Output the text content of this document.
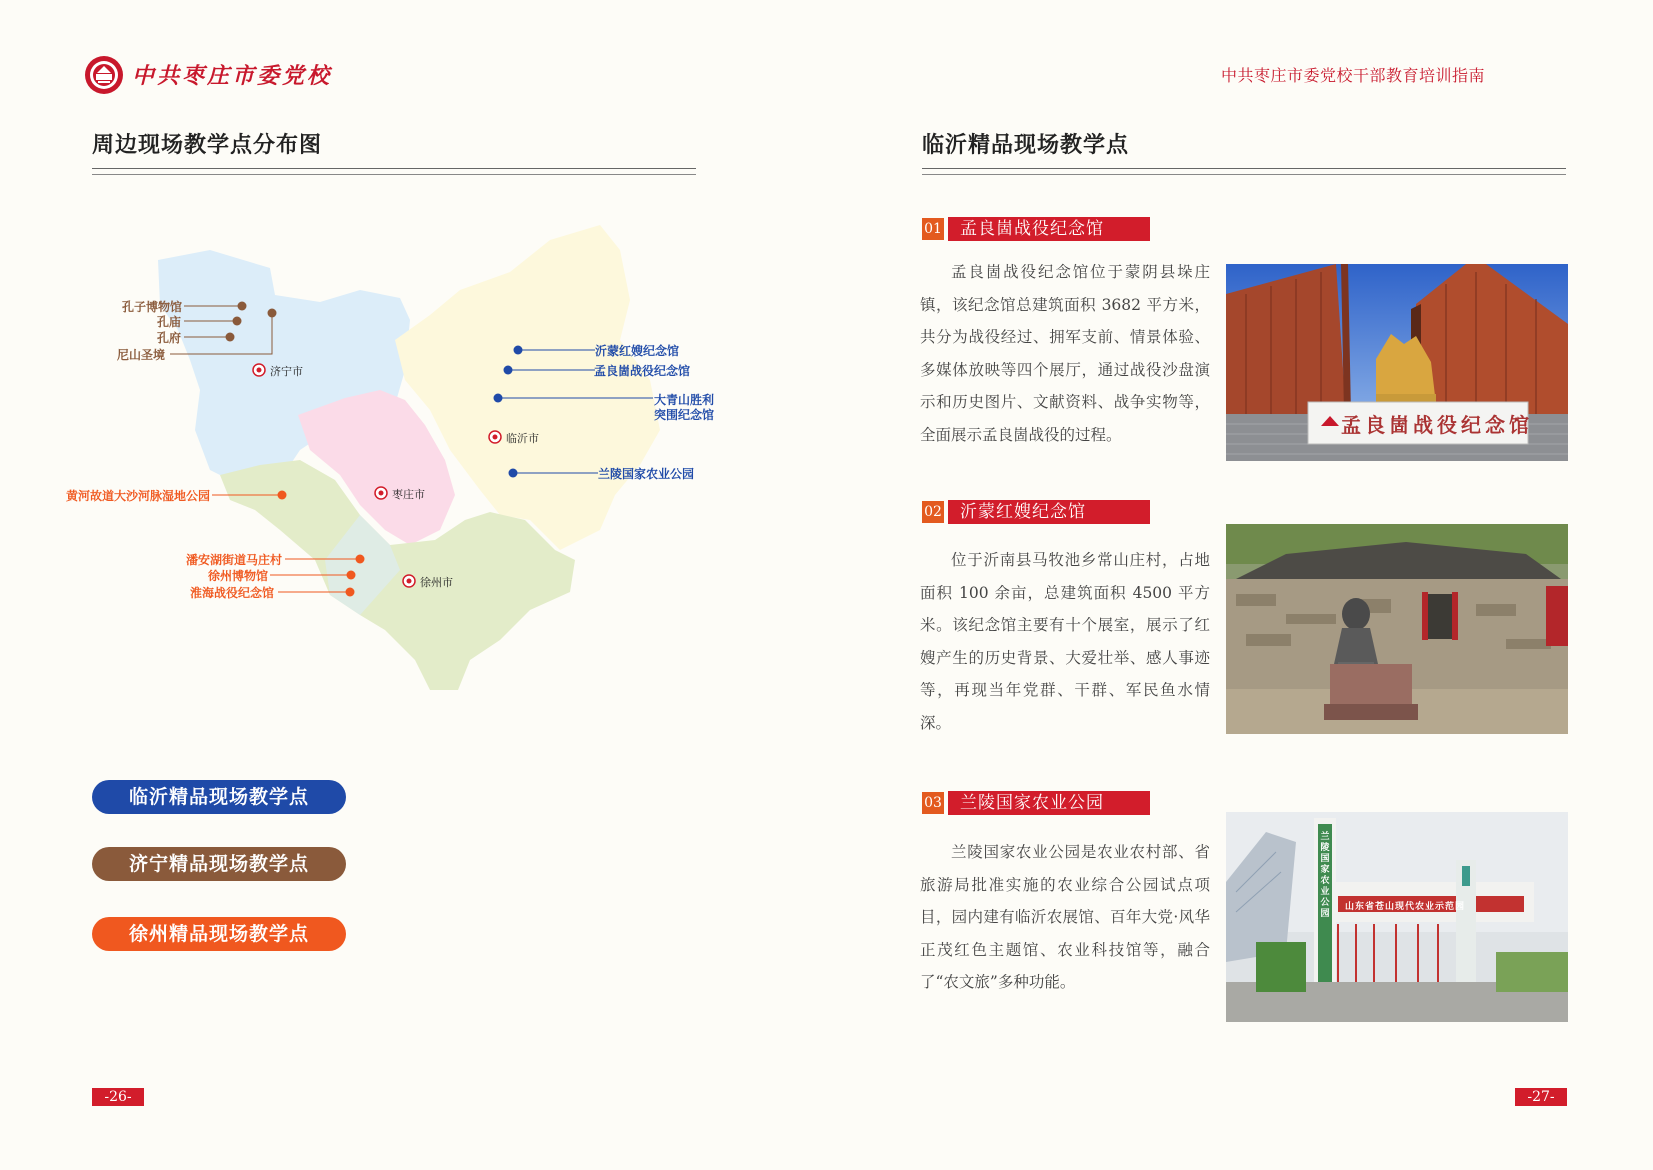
中共枣庄市委党校	中共枣庄市委党校干部教育培训指南
周边现场教学点分布图
济宁市
临沂市
枣庄市
徐州市
孔子博物馆
孔庙
孔府
尼山圣境	沂蒙红嫂纪念馆
孟良崮战役纪念馆
大青山胜利
突围纪念馆
兰陵国家农业公园
黄河故道大沙河脉湿地公园
潘安湖街道马庄村
徐州博物馆
淮海战役纪念馆
临沂精品现场教学点
济宁精品现场教学点
徐州精品现场教学点
-26-
临沂精品现场教学点
01	孟良崮战役纪念馆
孟良崮战役纪念馆位于蒙阴县垛庄镇，该纪念馆总建筑面积 3682 平方米，共分为战役经过、拥军支前、情景体验、多媒体放映等四个展厅，通过战役沙盘演示和历史图片、文献资料、战争实物等，全面展示孟良崮战役的过程。	孟良崮战役纪念馆
02	沂蒙红嫂纪念馆
位于沂南县马牧池乡常山庄村，占地面积 100 余亩，总建筑面积 4500 平方米。该纪念馆主要有十个展室，展示了红嫂产生的历史背景、大爱壮举、感人事迹等，再现当年党群、干群、军民鱼水情深。
03	兰陵国家农业公园
兰陵国家农业公园是农业农村部、省旅游局批准实施的农业综合公园试点项目，园内建有临沂农展馆、百年大党·风华正茂红色主题馆、农业科技馆等，融合了“农文旅”多种功能。
山东省苍山现代农业示范园
兰陵国家农业公园
-27-
